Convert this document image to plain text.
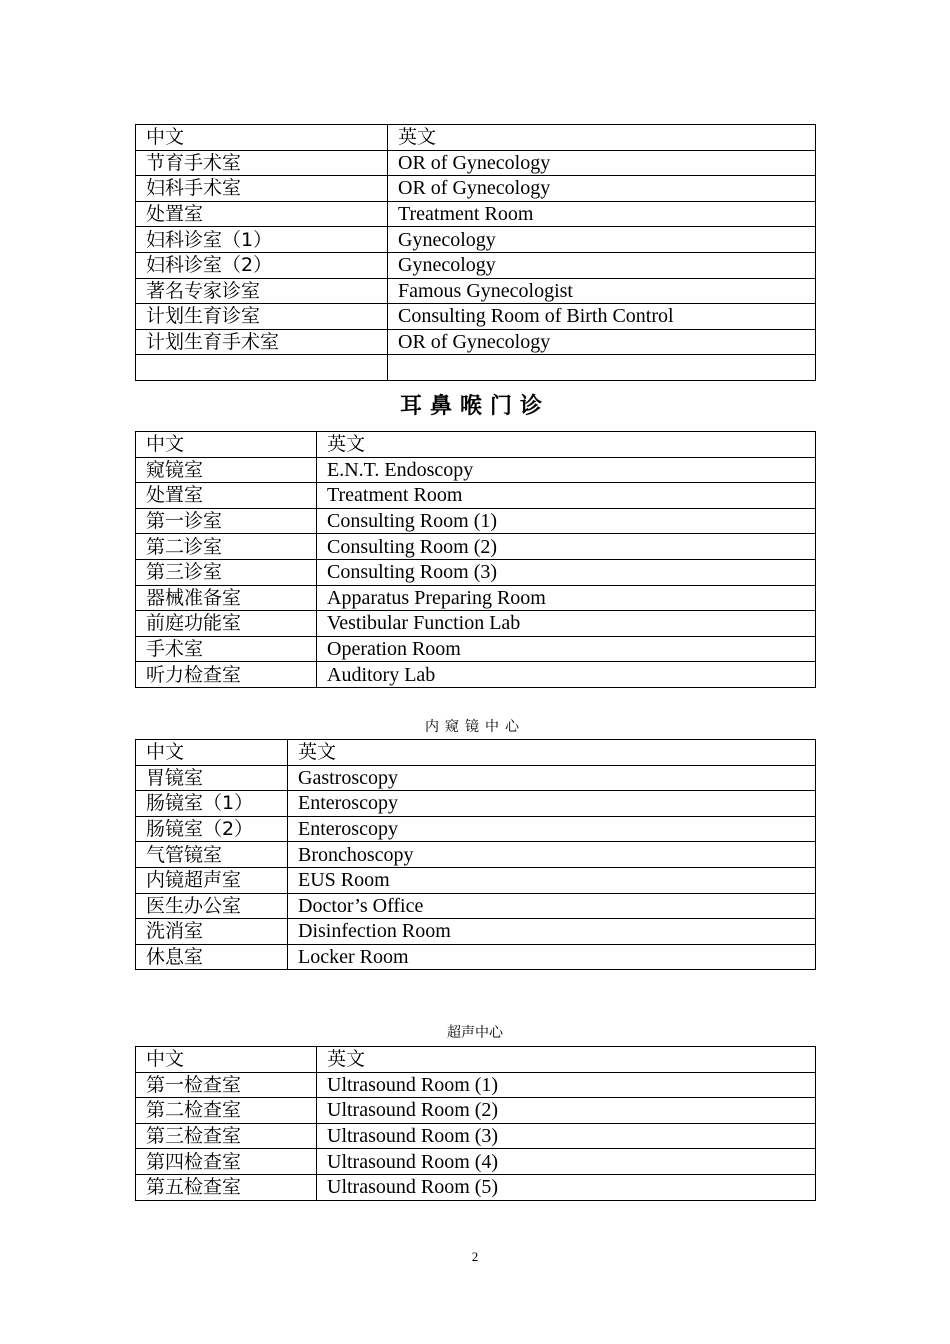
中文	英文
节育手术室	OR of Gynecology
妇科手术室	OR of Gynecology
处置室	Treatment Room
妇科诊室（1）	Gynecology
妇科诊室（2）	Gynecology
著名专家诊室	Famous Gynecologist
计划生育诊室	Consulting Room of Birth Control
计划生育手术室	OR of Gynecology

耳鼻喉门诊
中文	英文
窥镜室	E.N.T. Endoscopy
处置室	Treatment Room
第一诊室	Consulting Room (1)
第二诊室	Consulting Room (2)
第三诊室	Consulting Room (3)
器械准备室	Apparatus Preparing Room
前庭功能室	Vestibular Function Lab
手术室	Operation Room
听力检查室	Auditory Lab
内窥镜中心
中文	英文
胃镜室	Gastroscopy
肠镜室（1）	Enteroscopy
肠镜室（2）	Enteroscopy
气管镜室	Bronchoscopy
内镜超声室	EUS Room
医生办公室	Doctor’s Office
洗消室	Disinfection Room
休息室	Locker Room
超声中心
中文	英文
第一检查室	Ultrasound Room (1)
第二检查室	Ultrasound Room (2)
第三检查室	Ultrasound Room (3)
第四检查室	Ultrasound Room (4)
第五检查室	Ultrasound Room (5)
2
